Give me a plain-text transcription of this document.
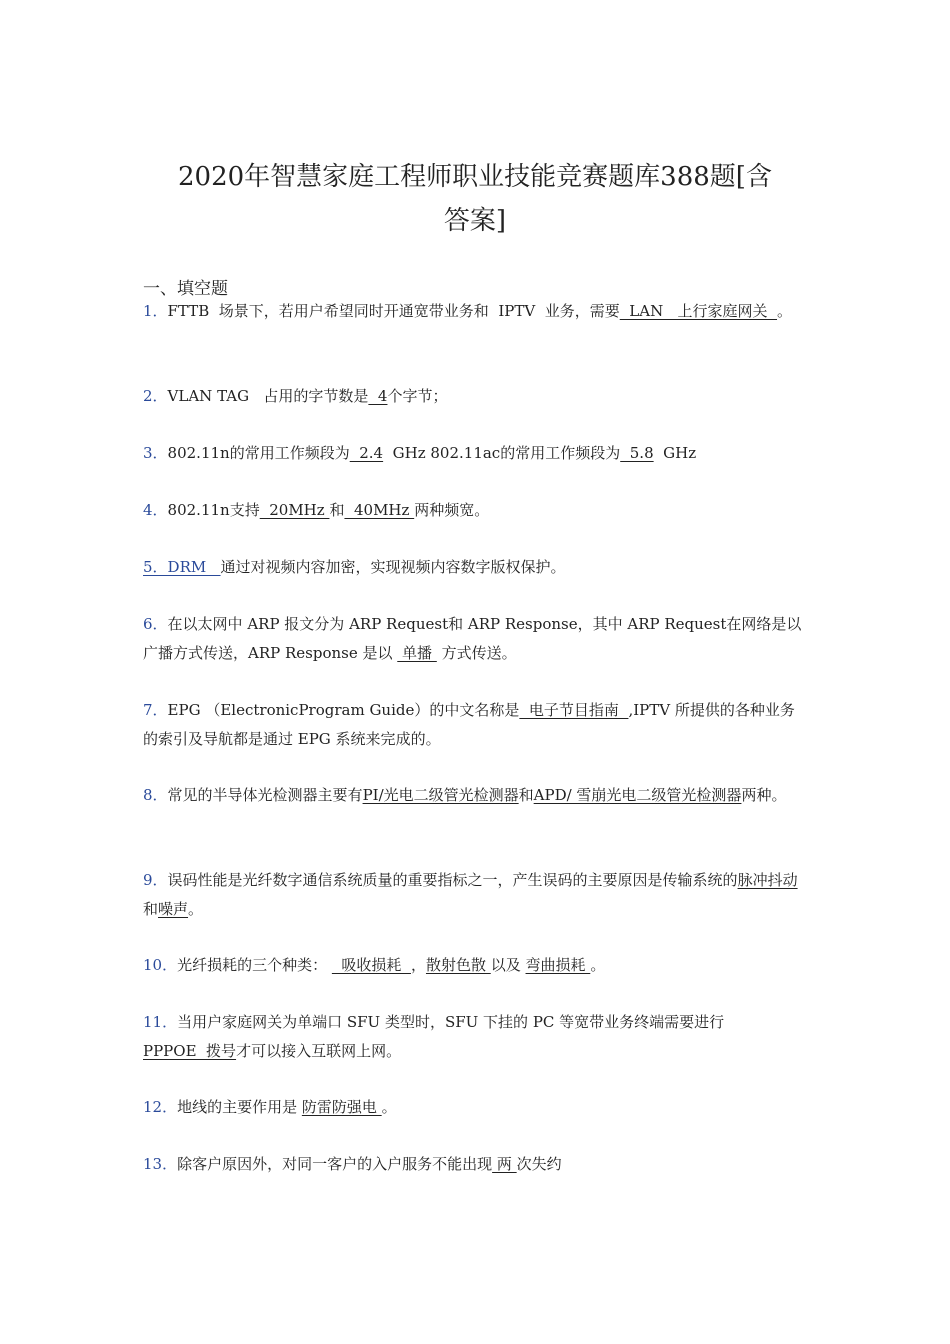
2020年智慧家庭工程师职业技能竞赛题库388题[含
答案]
一、填空题

1．FTTB  场景下，若用户希望同时开通宽带业务和  IPTV  业务，需要  LAN   上行家庭网关  。

2．VLAN TAG   占用的字节数是  4个字节；

3．802.11n的常用工作频段为  2.4  GHz 802.11ac的常用工作频段为  5.8  GHz

4．802.11n支持  20MHz 和  40MHz 两种频宽。

5．DRM   通过对视频内容加密，实现视频内容数字版权保护。

6．在以太网中 ARP 报文分为 ARP Request和 ARP Response，其中 ARP Request在网络是以广播方式传送，ARP Response 是以  单播  方式传送。

7．EPG （ElectronicProgram Guide）的中文名称是  电子节目指南  ,IPTV 所提供的各种业务的索引及导航都是通过 EPG 系统来完成的。

8．常见的半导体光检测器主要有PI/光电二级管光检测器和APD/ 雪崩光电二级管光检测器两种。

9．误码性能是光纤数字通信系统质量的重要指标之一，产生误码的主要原因是传输系统的脉冲抖动和噪声。

10．光纤损耗的三个种类：   吸收损耗  ，散射色散 以及 弯曲损耗 。

11．当用户家庭网关为单端口 SFU 类型时，SFU 下挂的 PC 等宽带业务终端需要进行PPPOE  拨号才可以接入互联网上网。

12．地线的主要作用是 防雷防强电 。

13．除客户原因外，对同一客户的入户服务不能出现 两 次失约
